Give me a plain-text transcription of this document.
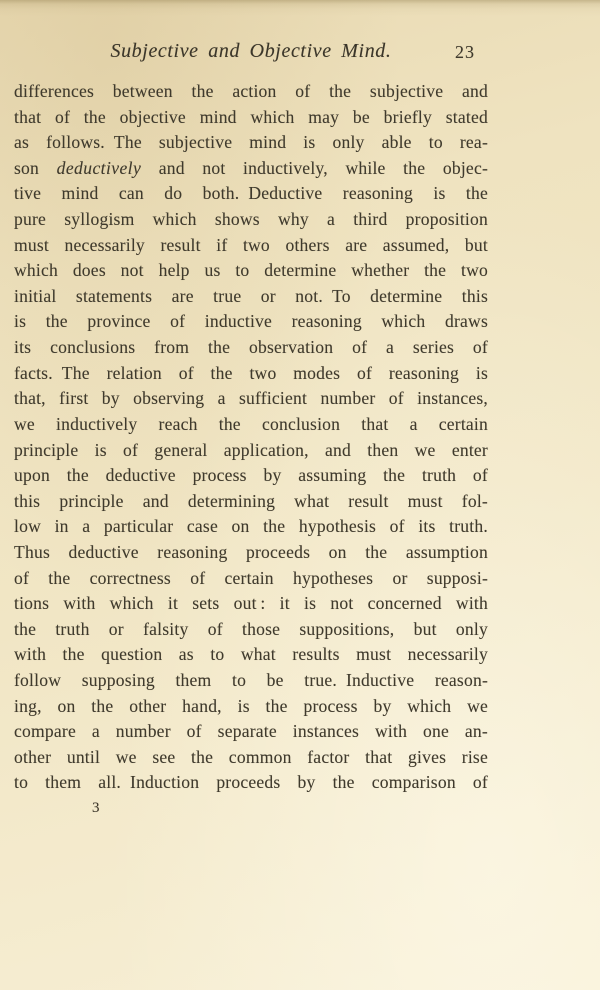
Subjective and Objective Mind.	23
differences between the action of the subjective and
that of the objective mind which may be briefly stated
as follows. The subjective mind is only able to rea-
son deductively and not inductively, while the objec-
tive mind can do both. Deductive reasoning is the
pure syllogism which shows why a third proposition
must necessarily result if two others are assumed, but
which does not help us to determine whether the two
initial statements are true or not. To determine this
is the province of inductive reasoning which draws
its conclusions from the observation of a series of
facts. The relation of the two modes of reasoning is
that, first by observing a sufficient number of instances,
we inductively reach the conclusion that a certain
principle is of general application, and then we enter
upon the deductive process by assuming the truth of
this principle and determining what result must fol-
low in a particular case on the hypothesis of its truth.
Thus deductive reasoning proceeds on the assumption
of the correctness of certain hypotheses or supposi-
tions with which it sets out : it is not concerned with
the truth or falsity of those suppositions, but only
with the question as to what results must necessarily
follow supposing them to be true. Inductive reason-
ing, on the other hand, is the process by which we
compare a number of separate instances with one an-
other until we see the common factor that gives rise
to them all. Induction proceeds by the comparison of
3
